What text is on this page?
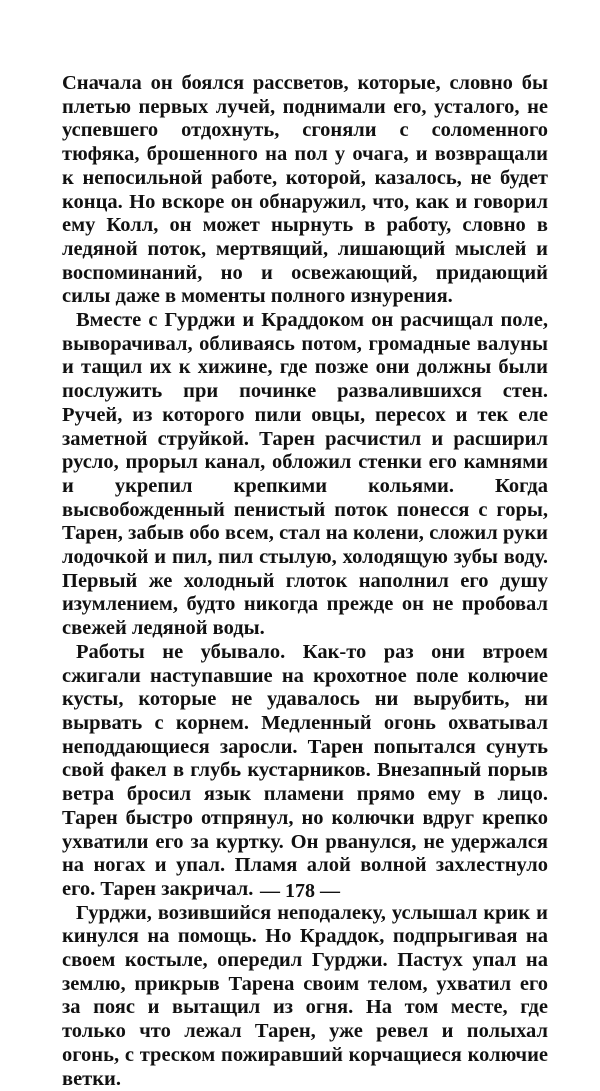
Сначала он боялся рассветов, которые, словно бы плетью первых лучей, поднимали его, усталого, не успевшего отдохнуть, сгоняли с соломенного тюфяка, брошенного на пол у очага, и возвращали к непосильной работе, которой, казалось, не будет конца. Но вскоре он обнаружил, что, как и говорил ему Колл, он может нырнуть в работу, словно в ледяной поток, мертвящий, лишающий мыслей и воспоминаний, но и освежающий, придающий силы даже в моменты полного изнурения.

Вместе с Гурджи и Краддоком он расчищал поле, выворачивал, обливаясь потом, громадные валуны и тащил их к хижине, где позже они должны были послужить при починке развалившихся стен. Ручей, из которого пили овцы, пересох и тек еле заметной струйкой. Тарен расчистил и расширил русло, прорыл канал, обложил стенки его камнями и укрепил крепкими кольями. Когда высвобожденный пенистый поток понесся с горы, Тарен, забыв обо всем, стал на колени, сложил руки лодочкой и пил, пил стылую, холодящую зубы воду. Первый же холодный глоток наполнил его душу изумлением, будто никогда прежде он не пробовал свежей ледяной воды.

Работы не убывало. Как-то раз они втроем сжигали наступавшие на крохотное поле колючие кусты, которые не удавалось ни вырубить, ни вырвать с корнем. Медленный огонь охватывал неподдающиеся заросли. Тарен попытался сунуть свой факел в глубь кустарников. Внезапный порыв ветра бросил язык пламени прямо ему в лицо. Тарен быстро отпрянул, но колючки вдруг крепко ухватили его за куртку. Он рванулся, не удержался на ногах и упал. Пламя алой волной захлестнуло его. Тарен закричал.

Гурджи, возившийся неподалеку, услышал крик и кинулся на помощь. Но Краддок, подпрыгивая на своем костыле, опередил Гурджи. Пастух упал на землю, прикрыв Тарена своим телом, ухватил его за пояс и вытащил из огня. На том месте, где только что лежал Тарен, уже ревел и полыхал огонь, с треском пожиравший корчащиеся колючие ветки.

— 178 —
